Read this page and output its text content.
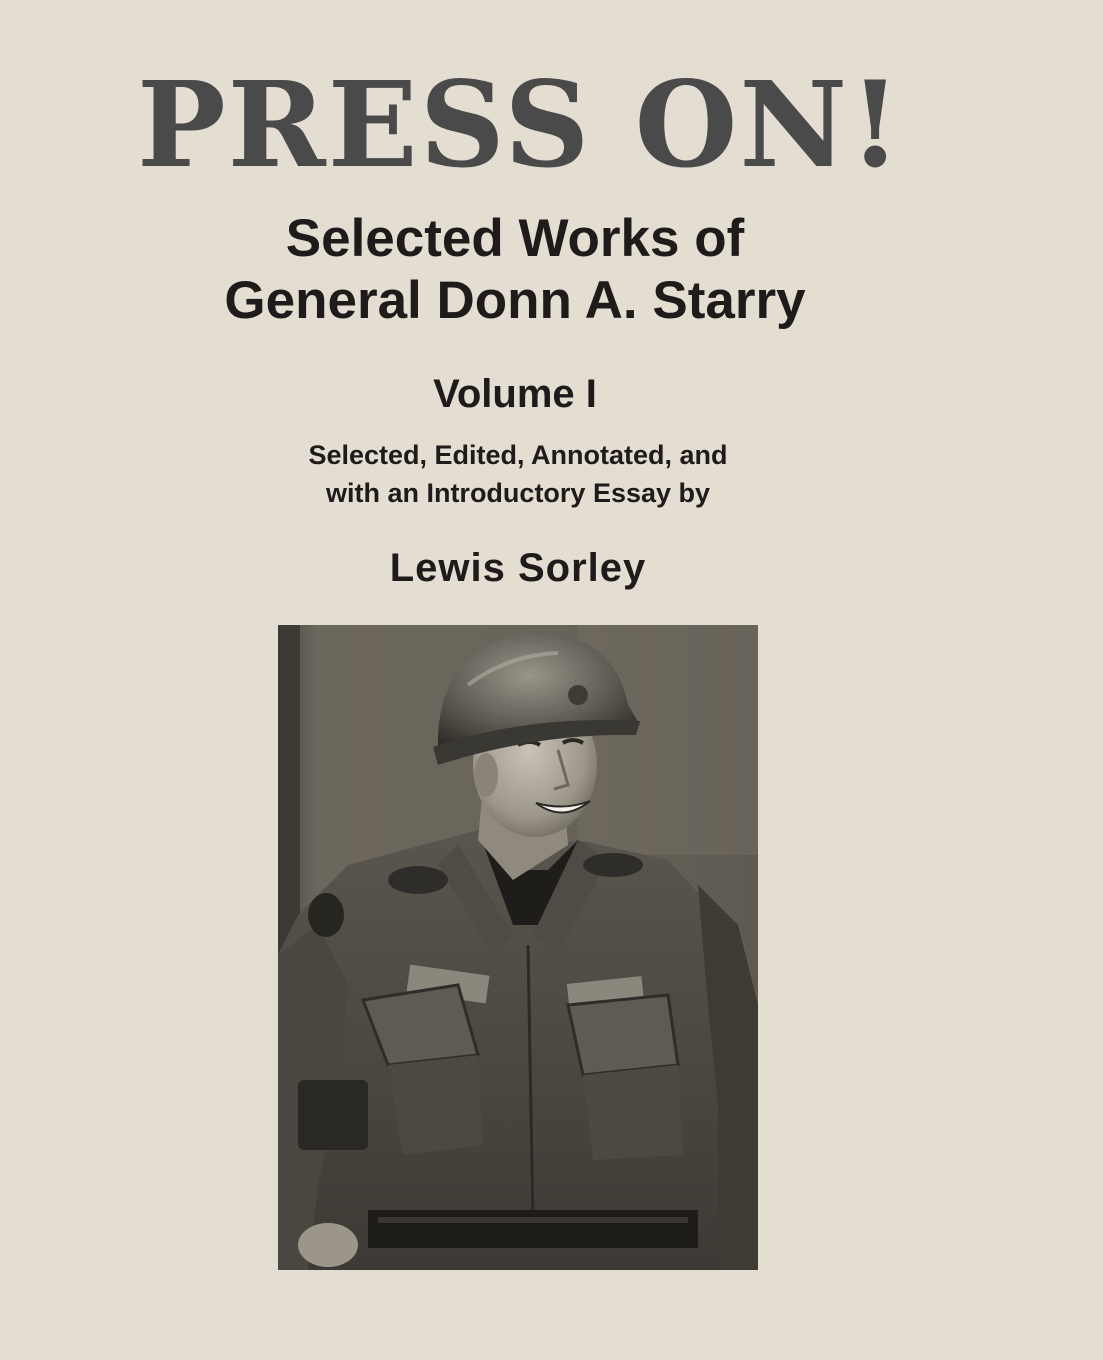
PRESS ON!
Selected Works of
General Donn A. Starry
Volume I
Selected, Edited, Annotated, and
with an Introductory Essay by
Lewis Sorley
